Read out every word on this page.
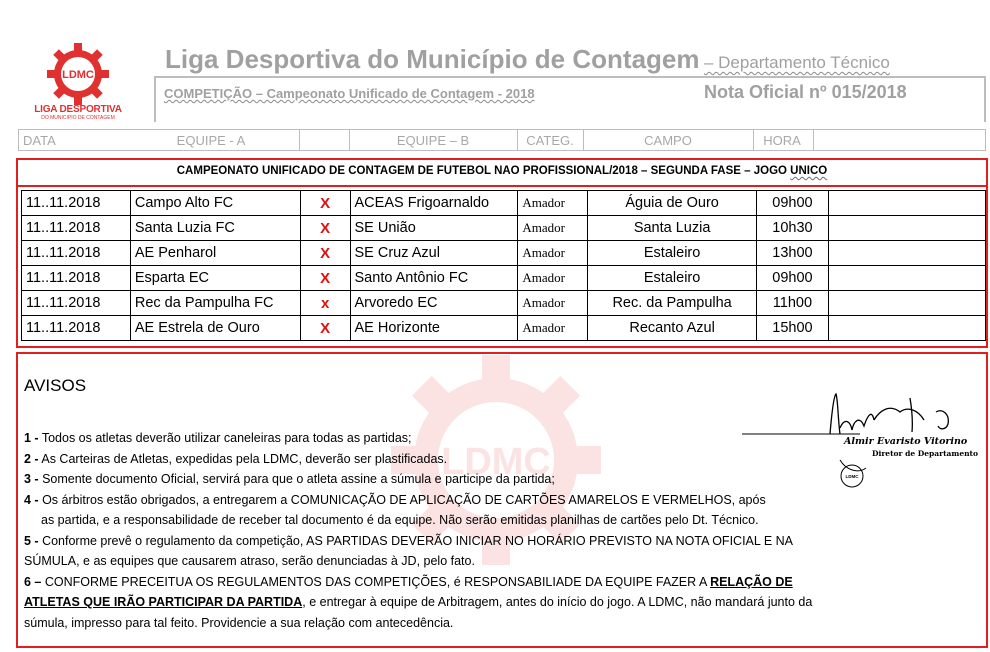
LDMC
LIGA DESPORTIVA
DO MUNICIPIO DE CONTAGEM
Liga Desportiva do Município de Contagem – Departamento Técnico
COMPETIÇÃO – Campeonato Unificado de Contagem - 2018	Nota Oficial nº 015/2018
DATA	EQUIPE - A	EQUIPE – B	CATEG.	CAMPO	HORA
CAMPEONATO UNIFICADO DE CONTAGEM DE FUTEBOL NAO PROFISSIONAL/2018 – SEGUNDA FASE – JOGO UNICO
11..11.2018	Campo Alto FC	X	ACEAS Frigoarnaldo	Amador	Águia de Ouro	09h00	
11..11.2018	Santa Luzia FC	X	SE União	Amador	Santa Luzia	10h30	
11..11.2018	AE Penharol	X	SE Cruz Azul	Amador	Estaleiro	13h00	
11..11.2018	Esparta EC	X	Santo Antônio FC	Amador	Estaleiro	09h00	
11..11.2018	Rec da Pampulha FC	x	Arvoredo EC	Amador	Rec. da Pampulha	11h00	
11..11.2018	AE Estrela de Ouro	X	AE Horizonte	Amador	Recanto Azul	15h00	
LDMC
AVISOS
LDMC
Almir Evaristo Vitorino
Diretor de Departamento

1 - Todos os atletas deverão utilizar caneleiras para todas as partidas;

2 - As Carteiras de Atletas, expedidas pela LDMC, deverão ser plastificadas.

3 - Somente documento Oficial, servirá para que o atleta assine a súmula e participe da partida;

4 - Os árbitros estão obrigados, a entregarem a COMUNICAÇÃO DE APLICAÇÃO DE CARTÕES AMARELOS E VERMELHOS, após

as partida, e a responsabilidade de receber tal documento é da equipe. Não serão emitidas planilhas de cartões pelo Dt. Técnico.

5 - Conforme prevê o regulamento da competição, AS PARTIDAS DEVERÃO INICIAR NO HORÁRIO PREVISTO NA NOTA OFICIAL E NA

SÚMULA, e as equipes que causarem atraso, serão denunciadas à JD, pelo fato.

6 – CONFORME PRECEITUA OS REGULAMENTOS DAS COMPETIÇÕES, é RESPONSABILIADE DA EQUIPE FAZER A RELAÇÃO DE

ATLETAS QUE IRÃO PARTICIPAR DA PARTIDA, e entregar à equipe de Arbitragem, antes do início do jogo. A LDMC, não mandará junto da

súmula, impresso para tal feito. Providencie a sua relação com antecedência.
